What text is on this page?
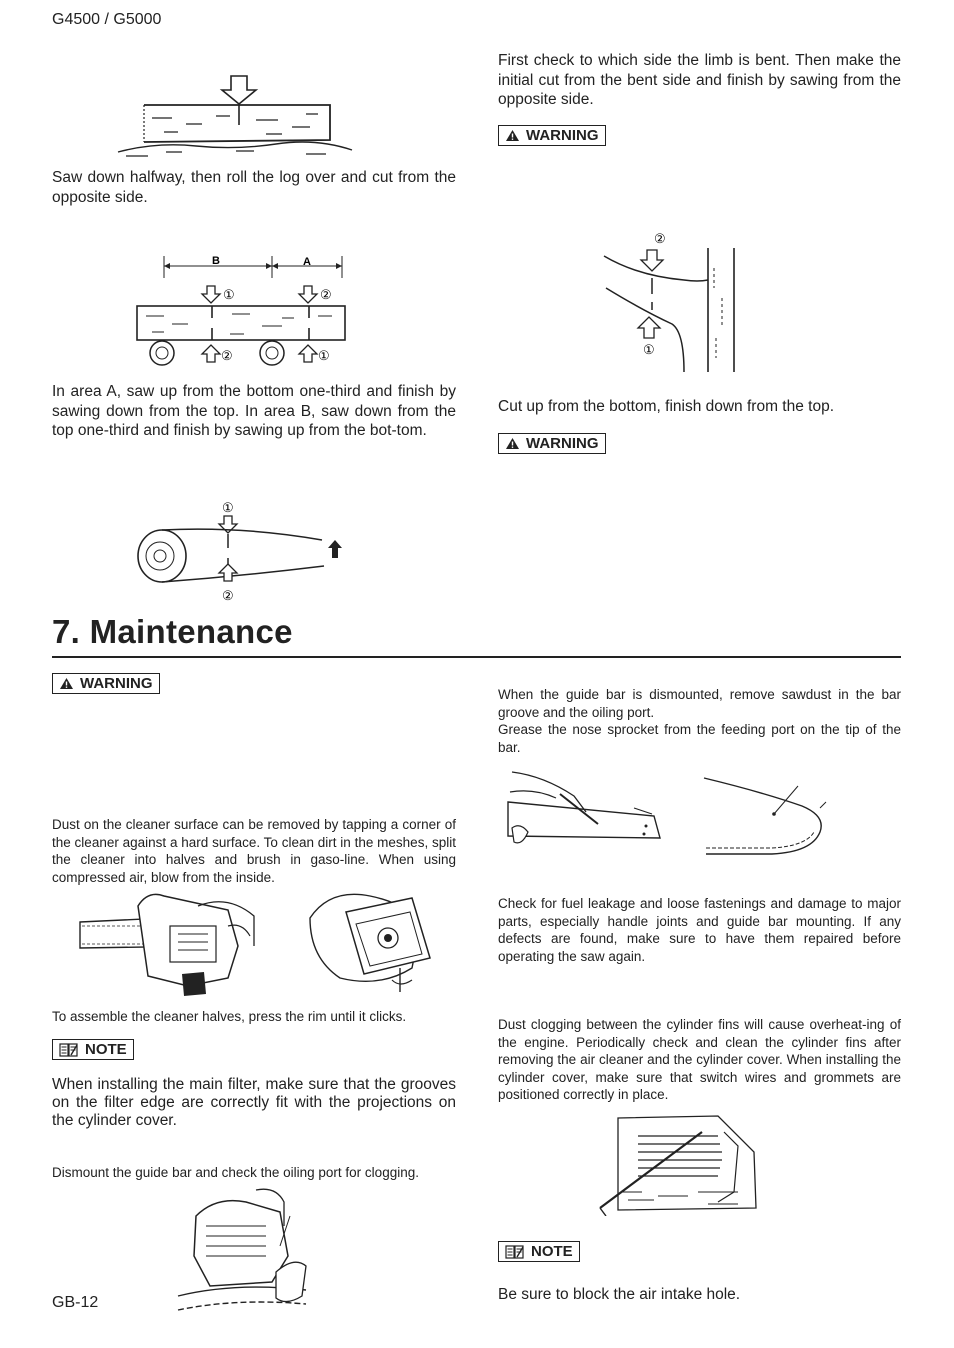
G4500 / G5000
Saw down halfway, then roll the log over and cut from the opposite side.
B	A
①	②
②	①
In area A, saw up from the bottom one-third and finish by sawing down from the top. In area B, saw down from the top one-third and finish by sawing up from the bot-tom.
①
②
First check to which side the limb is bent. Then make the initial cut from the bent side and finish by sawing from the opposite side.
WARNING
②
①
Cut up from the bottom, finish down from the top.
WARNING
7. Maintenance
WARNING
Dust on the cleaner surface can be removed by tapping a corner of the cleaner against a hard surface. To clean dirt in the meshes, split the cleaner into halves and brush in gaso-line. When using compressed air, blow from the inside.
To assemble the cleaner halves, press the rim until it clicks.
NOTE
When installing the main filter, make sure that the grooves on the filter edge are correctly fit with the projections on the cylinder cover.
Dismount the guide bar and check the oiling port for clogging.
GB-12
When the guide bar is dismounted, remove sawdust in the bar groove and the oiling port.
Grease the nose sprocket from the feeding port on the tip of the bar.
Check for fuel leakage and loose fastenings and damage to major parts, especially handle joints and guide bar mounting. If any defects are found, make sure to have them repaired before operating the saw again.
Dust clogging between the cylinder fins will cause overheat-ing of the engine. Periodically check and clean the cylinder fins after removing the air cleaner and the cylinder cover. When installing the cylinder cover, make sure that switch wires and grommets are positioned correctly in place.
NOTE
Be sure to block the air intake hole.
